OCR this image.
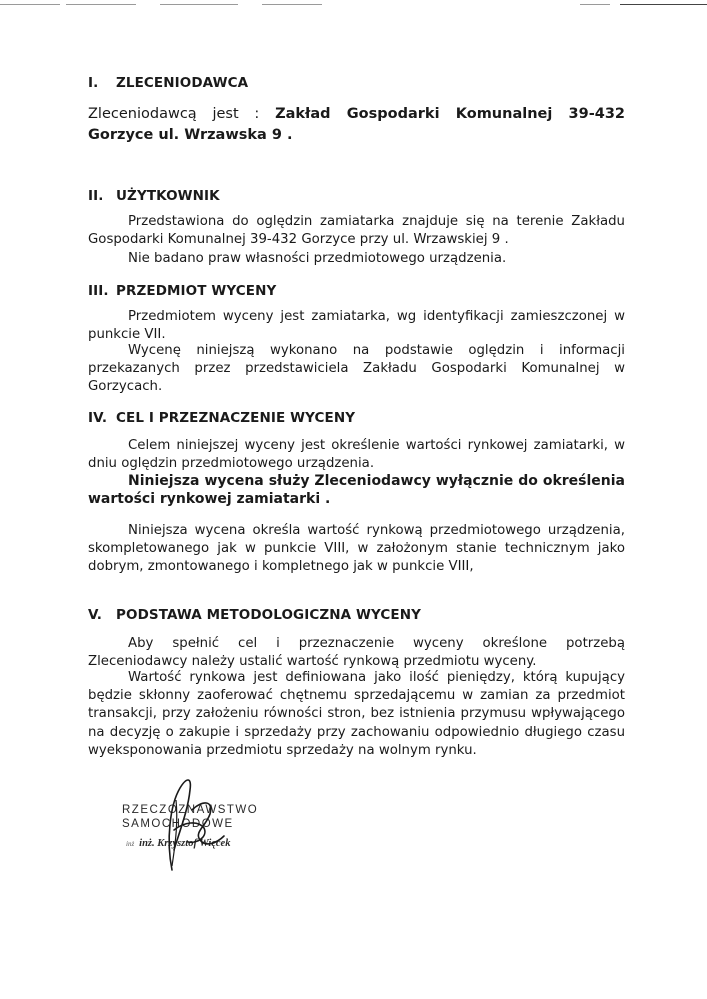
I. ZLECENIODAWCA

Zleceniodawcą jest : Zakład Gospodarki Komunalnej 39-432 Gorzyce ul. Wrzawska 9 .

II. UŻYTKOWNIK

Przedstawiona do oględzin zamiatarka znajduje się na terenie Zakładu Gospodarki Komunalnej 39-432 Gorzyce przy ul. Wrzawskiej 9 .

Nie badano praw własności przedmiotowego urządzenia.

III. PRZEDMIOT WYCENY

Przedmiotem wyceny jest zamiatarka, wg identyfikacji zamieszczonej w punkcie VII.

Wycenę niniejszą wykonano na podstawie oględzin i informacji przekazanych przez przedstawiciela Zakładu Gospodarki Komunalnej w Gorzycach.

IV. CEL I PRZEZNACZENIE WYCENY

Celem niniejszej wyceny jest określenie wartości rynkowej zamiatarki, w dniu oględzin przedmiotowego urządzenia.

Niniejsza wycena służy Zleceniodawcy wyłącznie do określenia wartości rynkowej zamiatarki .

Niniejsza wycena określa wartość rynkową przedmiotowego urządzenia, skompletowanego jak w punkcie VIII, w założonym stanie technicznym jako dobrym, zmontowanego i kompletnego jak w punkcie VIII,

V. PODSTAWA METODOLOGICZNA WYCENY

Aby spełnić cel i przeznaczenie wyceny określone potrzebą Zleceniodawcy należy ustalić wartość rynkową przedmiotu wyceny.

Wartość rynkowa jest definiowana jako ilość pieniędzy, którą kupujący będzie skłonny zaoferować chętnemu sprzedającemu w zamian za przedmiot transakcji, przy założeniu równości stron, bez istnienia przymusu wpływającego na decyzję o zakupie i sprzedaży przy zachowaniu odpowiednio długiego czasu wyeksponowania przedmiotu sprzedaży na wolnym rynku.

RZECZOZNAWSTWO
SAMOCHODOWE
inż inż. Krzysztof Więcek
